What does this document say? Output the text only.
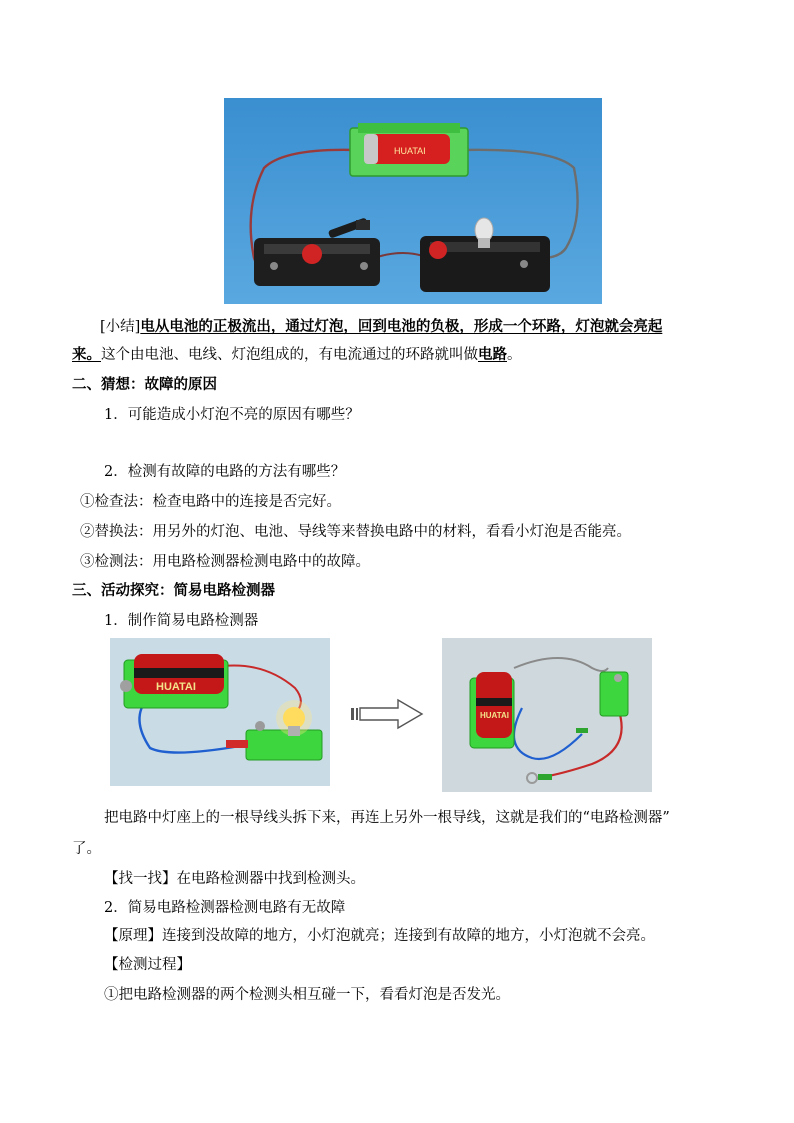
HUATAI
[小结]电从电池的正极流出，通过灯泡，回到电池的负极，形成一个环路，灯泡就会亮起
来。这个由电池、电线、灯泡组成的，有电流通过的环路就叫做电路。
二、猜想：故障的原因
1．可能造成小灯泡不亮的原因有哪些？
2．检测有故障的电路的方法有哪些？
①检查法：检查电路中的连接是否完好。
②替换法：用另外的灯泡、电池、导线等来替换电路中的材料，看看小灯泡是否能亮。
③检测法：用电路检测器检测电路中的故障。
三、活动探究：简易电路检测器
1．制作简易电路检测器
HUATAI
HUATAI
把电路中灯座上的一根导线头拆下来，再连上另外一根导线，这就是我们的“电路检测器”
了。
【找一找】在电路检测器中找到检测头。
2．简易电路检测器检测电路有无故障
【原理】连接到没故障的地方，小灯泡就亮；连接到有故障的地方，小灯泡就不会亮。
【检测过程】
①把电路检测器的两个检测头相互碰一下，看看灯泡是否发光。
